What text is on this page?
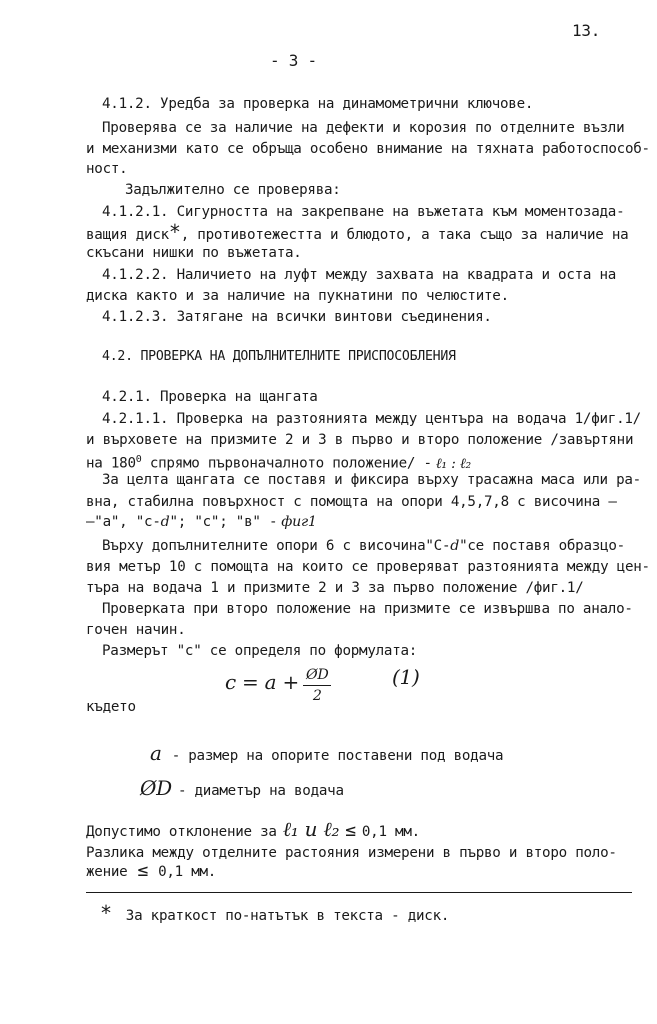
13.
- 3 -
4.1.2. Уредба за проверка на динамометрични ключове.
Проверява се за наличие на дефекти и корозия по отделните възли
и механизми като се обръща особено внимание на тяхната работоспособ-
ност.
Задължително се проверява:
4.1.2.1. Сигурността на закрепване на въжетата към моментозада-
ващия диск*, противотежестта и блюдото, а така също за наличие на
скъсани нишки по въжетата.
4.1.2.2. Наличието на луфт между захвата на квадрата и оста на
диска както и за наличие на пукнатини по челюстите.
4.1.2.3. Затягане на всички винтови съединения.
4.2. ПРОВЕРКА НА ДОПЪЛНИТЕЛНИТЕ ПРИСПОСОБЛЕНИЯ
4.2.1. Проверка на щангата
4.2.1.1. Проверка на разтоянията между центъра на водача 1/фиг.1/
и върховете на призмите 2 и 3 в първо и второ положение /завъртяни
на $180^0$ спрямо първоначалното положение/ - ℓ₁ : ℓ₂
За целта щангата се поставя и фиксира върху трасажна маса или ра-
вна, стабилна повърхност с помощта на опори 4,5,7,8 с височина —
—"а", "с-d"; "с"; "в" - фиг1
Върху допълнителните опори 6 с височина"С-d"се поставя образцо-
вия метър 10 с помощта на които се проверяват разтоянията между цен-
търа на водача 1 и призмите 2 и 3 за първо положение /фиг.1/
Проверката при второ положение на призмите се извършва по анало-
гочен начин.
Размерът "с" се определя по формулата:
$с = а + \frac{ØD}{2}$	(1)
където
а - размер на опорите поставени под водача
ØD - диаметър на водача
Допустимо отклонение за ℓ₁ и ℓ₂ ≤ 0,1 мм.
Разлика между отделните растояния измерени в първо и второ поло-
жение ≤ 0,1 мм.
* За краткост по-натътък в текста - диск.
